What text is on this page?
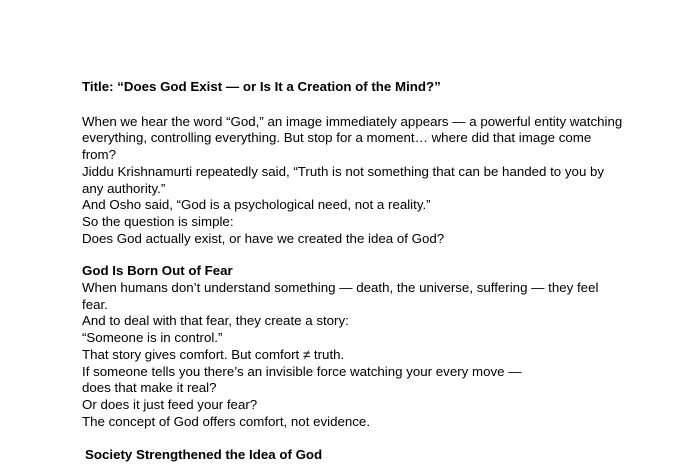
Title: “Does God Exist — or Is It a Creation of the Mind?”
When we hear the word “God,” an image immediately appears — a powerful entity watching
everything, controlling everything. But stop for a moment… where did that image come
from?
Jiddu Krishnamurti repeatedly said, “Truth is not something that can be handed to you by
any authority.”
And Osho said, “God is a psychological need, not a reality.”
So the question is simple:
Does God actually exist, or have we created the idea of God?
God Is Born Out of Fear
When humans don’t understand something — death, the universe, suffering — they feel
fear.
And to deal with that fear, they create a story:
“Someone is in control.”
That story gives comfort. But comfort ≠ truth.
If someone tells you there’s an invisible force watching your every move —
does that make it real?
Or does it just feed your fear?
The concept of God offers comfort, not evidence.
Society Strengthened the Idea of God
